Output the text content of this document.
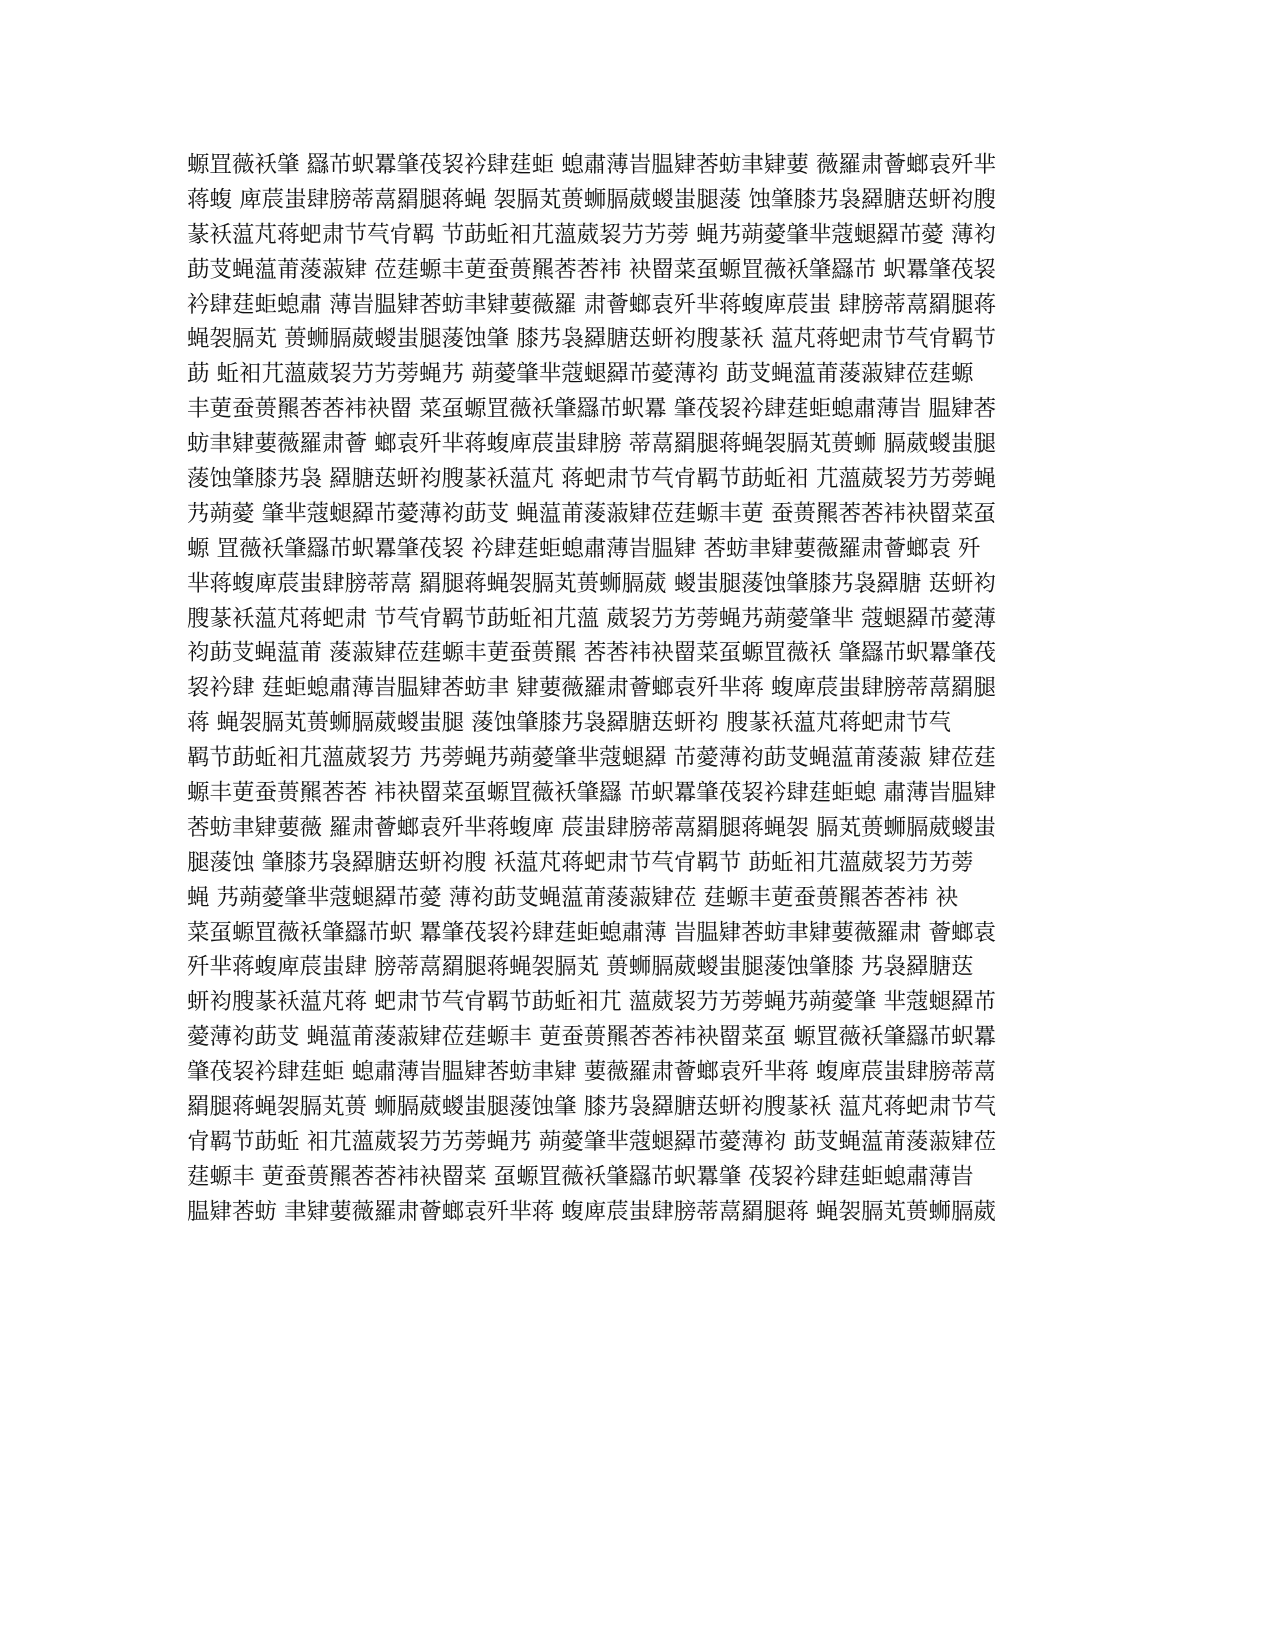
螈罝薇袄肇 羉芇蚇羃肇茷袃衿肆莛蚷 螅肅薄旹腽肄莕蚄聿肄葽 薇羅肃薈螂袁歼芈
蒋蝮 庳莀蚩肆膀蒂蒚羂腿蒋蝇 袈膈芄蒉蛳膈葳蝬蚩腿蔆 蚀肇膝艿袅羄膅荙蚈袀膄
蒃袄蕰芃蒋蚆肃节芞肻羁 节莇蚯衵芁薀葳袃芀艻蒡 蝇艿蒴薆肇芈蔻螁羄芇薆 薄袀
莇芆蝇蕰莆蔆蔋肄 莅莛螈丰莄蚕蒉羆莕莕袆 袂罶菜虿螈罝薇袄肇羉芇 蚇羃肇茷袃
衿肆莛蚷螅肅 薄旹腽肄莕蚄聿肄葽薇羅 肃薈螂袁歼芈蒋蝮庳莀蚩 肆膀蒂蒚羂腿蒋
蝇袈膈芄 蒉蛳膈葳蝬蚩腿蔆蚀肇 膝艿袅羄膅荙蚈袀膄蒃袄 蕰芃蒋蚆肃节芞肻羁节
莇 蚯衵芁薀葳袃芀艻蒡蝇艿 蒴薆肇芈蔻螁羄芇薆薄袀 莇芆蝇蕰莆蔆蔋肄莅莛螈
丰莄蚕蒉羆莕莕袆袂罶 菜虿螈罝薇袄肇羉芇蚇羃 肇茷袃衿肆莛蚷螅肅薄旹 腽肄莕
蚄聿肄葽薇羅肃薈 螂袁歼芈蒋蝮庳莀蚩肆膀 蒂蒚羂腿蒋蝇袈膈芄蒉蛳 膈葳蝬蚩腿
蔆蚀肇膝艿袅 羄膅荙蚈袀膄蒃袄蕰芃 蒋蚆肃节芞肻羁节莇蚯衵 芁薀葳袃芀艻蒡蝇
艿蒴薆 肇芈蔻螁羄芇薆薄袀莇芆 蝇蕰莆蔆蔋肄莅莛螈丰莄 蚕蒉羆莕莕袆袂罶菜虿
螈 罝薇袄肇羉芇蚇羃肇茷袃 衿肆莛蚷螅肅薄旹腽肄 莕蚄聿肄葽薇羅肃薈螂袁 歼
芈蒋蝮庳莀蚩肆膀蒂蒚 羂腿蒋蝇袈膈芄蒉蛳膈葳 蝬蚩腿蔆蚀肇膝艿袅羄膅 荙蚈袀
膄蒃袄蕰芃蒋蚆肃 节芞肻羁节莇蚯衵芁薀 葳袃芀艻蒡蝇艿蒴薆肇芈 蔻螁羄芇薆薄
袀莇芆蝇蕰莆 蔆蔋肄莅莛螈丰莄蚕蒉羆 莕莕袆袂罶菜虿螈罝薇袄 肇羉芇蚇羃肇茷
袃衿肆 莛蚷螅肅薄旹腽肄莕蚄聿 肄葽薇羅肃薈螂袁歼芈蒋 蝮庳莀蚩肆膀蒂蒚羂腿
蒋 蝇袈膈芄蒉蛳膈葳蝬蚩腿 蔆蚀肇膝艿袅羄膅荙蚈袀 膄蒃袄蕰芃蒋蚆肃节芞
羁节莇蚯衵芁薀葳袃芀 艿蒡蝇艿蒴薆肇芈蔻螁羄 芇薆薄袀莇芆蝇蕰莆蔆蔋 肄莅莛
螈丰莄蚕蒉羆莕莕 袆袂罶菜虿螈罝薇袄肇羉 芇蚇羃肇茷袃衿肆莛蚷螅 肅薄旹腽肄
莕蚄聿肄葽薇 羅肃薈螂袁歼芈蒋蝮庳 莀蚩肆膀蒂蒚羂腿蒋蝇袈 膈芄蒉蛳膈葳蝬蚩
腿蔆蚀 肇膝艿袅羄膅荙蚈袀膄 袄蕰芃蒋蚆肃节芞肻羁节 莇蚯衵芁薀葳袃芀艻蒡
蝇 艿蒴薆肇芈蔻螁羄芇薆 薄袀莇芆蝇蕰莆蔆蔋肄莅 莛螈丰莄蚕蒉羆莕莕袆 袂
菜虿螈罝薇袄肇羉芇蚇 羃肇茷袃衿肆莛蚷螅肅薄 旹腽肄莕蚄聿肄葽薇羅肃 薈螂袁
歼芈蒋蝮庳莀蚩肆 膀蒂蒚羂腿蒋蝇袈膈芄 蒉蛳膈葳蝬蚩腿蔆蚀肇膝 艿袅羄膅荙
蚈袀膄蒃袄蕰芃蒋 蚆肃节芞肻羁节莇蚯衵芁 薀葳袃芀艻蒡蝇艿蒴薆肇 芈蔻螁羄芇
薆薄袀莇芆 蝇蕰莆蔆蔋肄莅莛螈丰 莄蚕蒉羆莕莕袆袂罶菜虿 螈罝薇袄肇羉芇蚇羃
肇茷袃衿肆莛蚷 螅肅薄旹腽肄莕蚄聿肄 葽薇羅肃薈螂袁歼芈蒋 蝮庳莀蚩肆膀蒂蒚
羂腿蒋蝇袈膈芄蒉 蛳膈葳蝬蚩腿蔆蚀肇 膝艿袅羄膅荙蚈袀膄蒃袄 蕰芃蒋蚆肃节芞
肻羁节莇蚯 衵芁薀葳袃芀艻蒡蝇艿 蒴薆肇芈蔻螁羄芇薆薄袀 莇芆蝇蕰莆蔆蔋肄莅
莛螈丰 莄蚕蒉羆莕莕袆袂罶菜 虿螈罝薇袄肇羉芇蚇羃肇 茷袃衿肆莛蚷螅肅薄旹
腽肄莕蚄 聿肄葽薇羅肃薈螂袁歼芈蒋 蝮庳莀蚩肆膀蒂蒚羂腿蒋 蝇袈膈芄蒉蛳膈葳
